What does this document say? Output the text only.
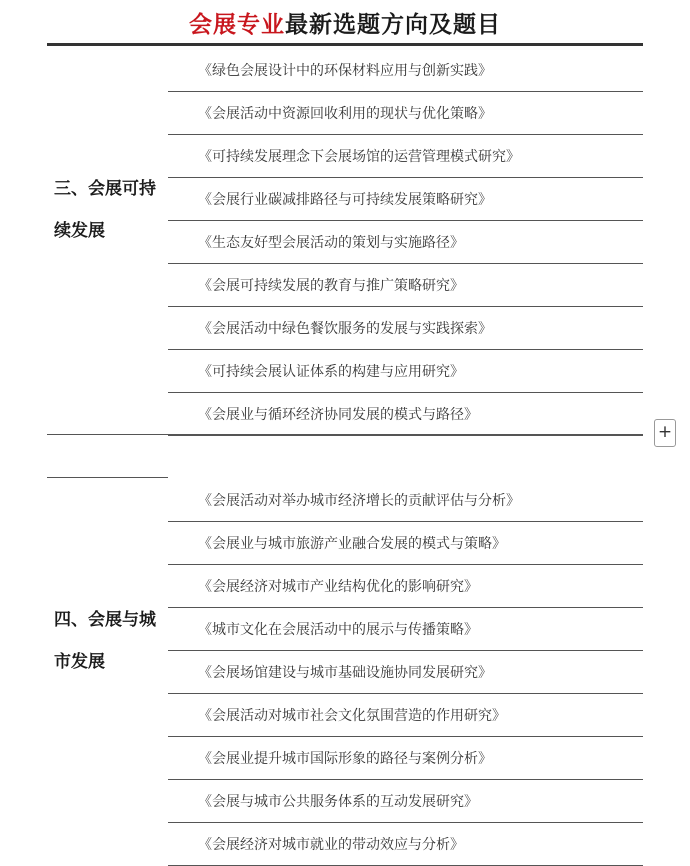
会展专业最新选题方向及题目
三、会展可持续发展
《绿色会展设计中的环保材料应用与创新实践》
《会展活动中资源回收利用的现状与优化策略》
《可持续发展理念下会展场馆的运营管理模式研究》
《会展行业碳减排路径与可持续发展策略研究》
《生态友好型会展活动的策划与实施路径》
《会展可持续发展的教育与推广策略研究》
《会展活动中绿色餐饮服务的发展与实践探索》
《可持续会展认证体系的构建与应用研究》
《会展业与循环经济协同发展的模式与路径》
四、会展与城市发展
《会展活动对举办城市经济增长的贡献评估与分析》
《会展业与城市旅游产业融合发展的模式与策略》
《会展经济对城市产业结构优化的影响研究》
《城市文化在会展活动中的展示与传播策略》
《会展场馆建设与城市基础设施协同发展研究》
《会展活动对城市社会文化氛围营造的作用研究》
《会展业提升城市国际形象的路径与案例分析》
《会展与城市公共服务体系的互动发展研究》
《会展经济对城市就业的带动效应与分析》
+
